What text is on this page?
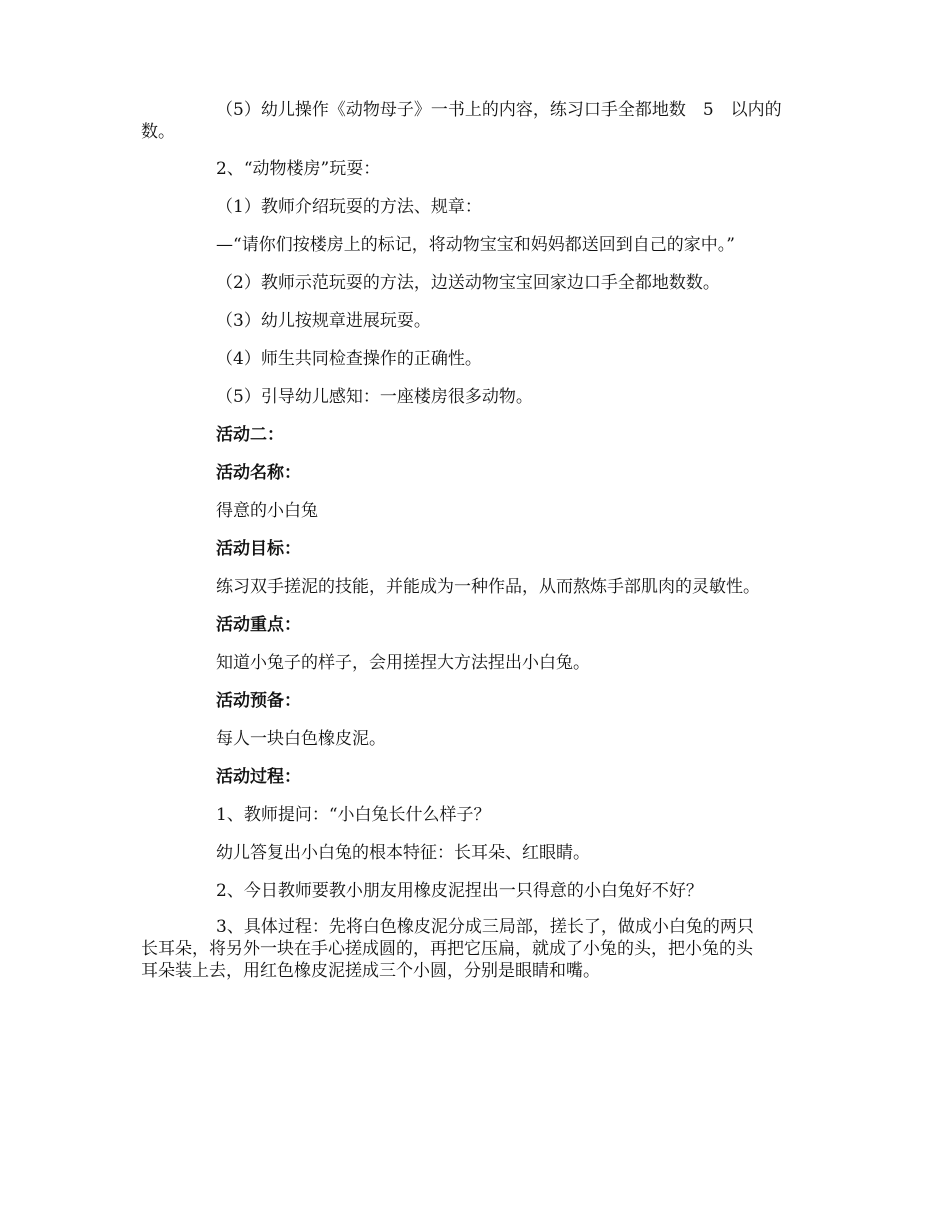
（5）幼儿操作《动物母子》一书上的内容，练习口手全都地数　5　以内的
数。
2、“动物楼房”玩耍：
（1）教师介绍玩耍的方法、规章：
—“请你们按楼房上的标记，将动物宝宝和妈妈都送回到自己的家中。”
（2）教师示范玩耍的方法，边送动物宝宝回家边口手全都地数数。
（3）幼儿按规章进展玩耍。
（4）师生共同检查操作的正确性。
（5）引导幼儿感知：一座楼房很多动物。
活动二：
活动名称：
得意的小白兔
活动目标：
练习双手搓泥的技能，并能成为一种作品，从而熬炼手部肌肉的灵敏性。
活动重点：
知道小兔子的样子，会用搓捏大方法捏出小白兔。
活动预备：
每人一块白色橡皮泥。
活动过程：
1、教师提问：“小白兔长什么样子？
幼儿答复出小白兔的根本特征：长耳朵、红眼睛。
2、今日教师要教小朋友用橡皮泥捏出一只得意的小白兔好不好？
3、具体过程：先将白色橡皮泥分成三局部，搓长了，做成小白兔的两只
长耳朵，将另外一块在手心搓成圆的，再把它压扁，就成了小兔的头，把小兔的头
耳朵装上去，用红色橡皮泥搓成三个小圆，分别是眼睛和嘴。
